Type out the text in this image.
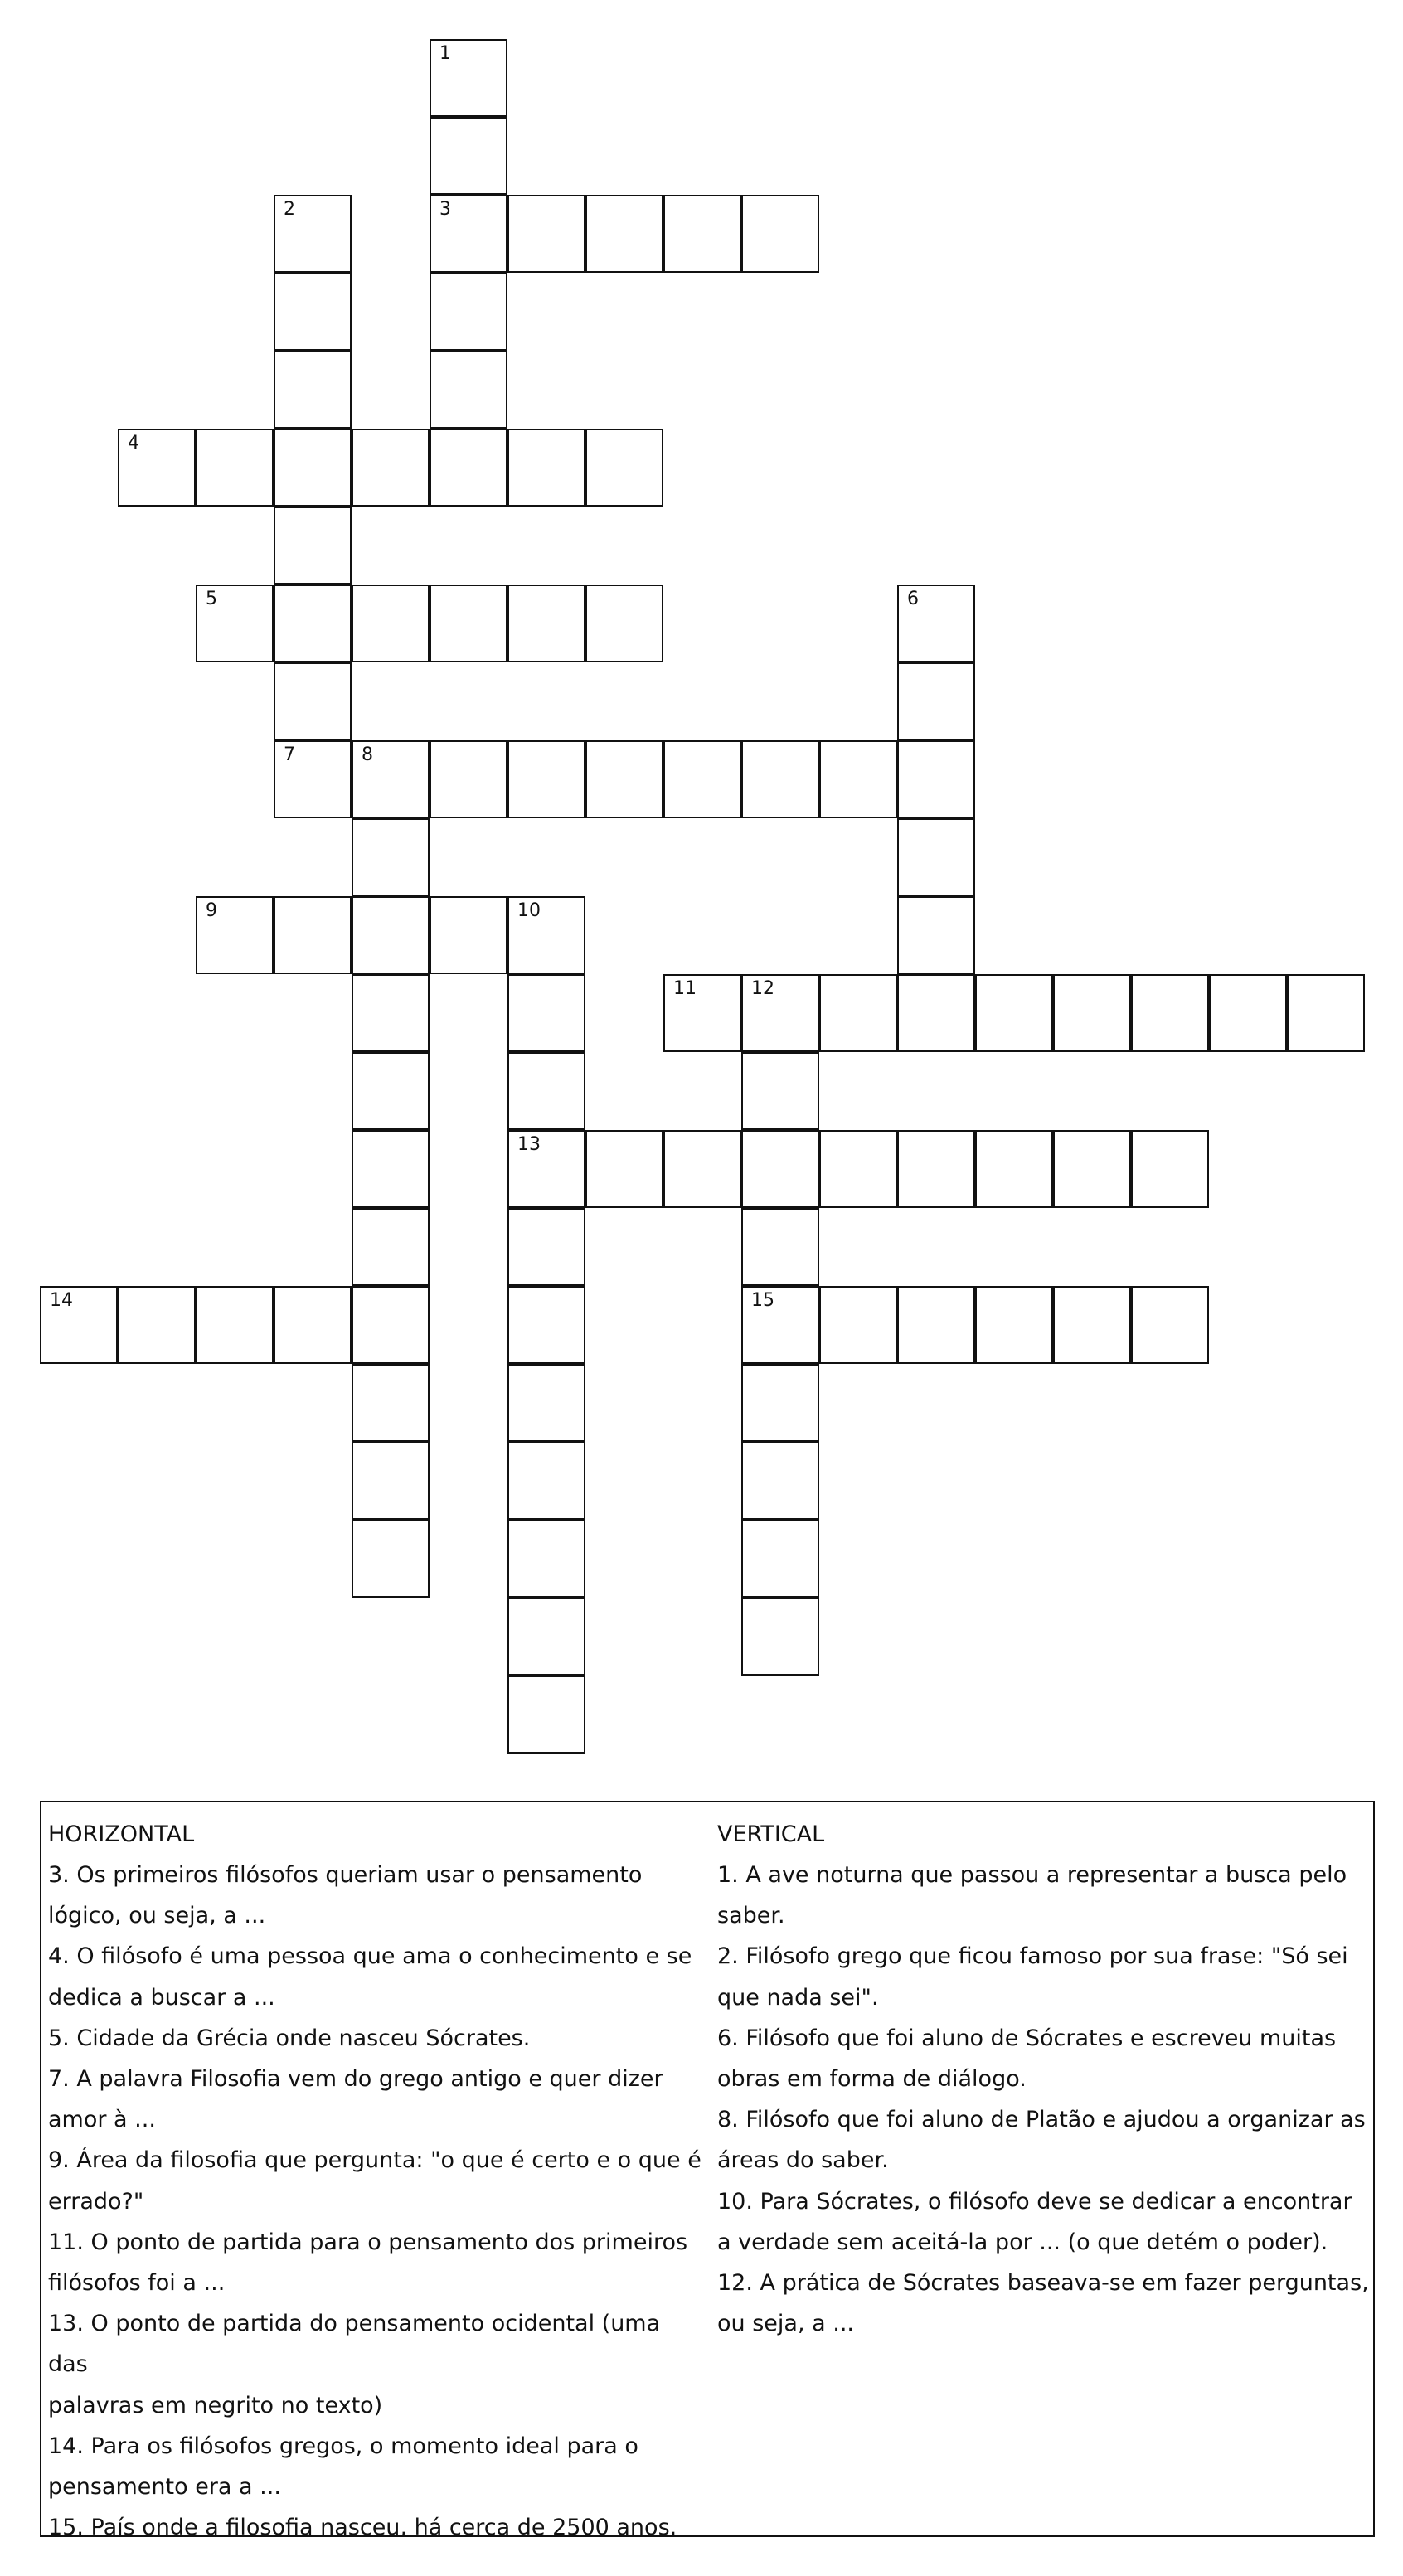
1
3
2
4
5	6
7	8
9	10
13
11	12
15
14
HORIZONTAL
3. Os primeiros filósofos queriam usar o pensamento
lógico, ou seja, a ...
4. O filósofo é uma pessoa que ama o conhecimento e se
dedica a buscar a ...
5. Cidade da Grécia onde nasceu Sócrates.
7. A palavra Filosofia vem do grego antigo e quer dizer
amor à ...
9. Área da filosofia que pergunta: "o que é certo e o que é
errado?"
11. O ponto de partida para o pensamento dos primeiros
filósofos foi a ...
13. O ponto de partida do pensamento ocidental (uma das
palavras em negrito no texto)
14. Para os filósofos gregos, o momento ideal para o
pensamento era a ...
15. País onde a filosofia nasceu, há cerca de 2500 anos.
VERTICAL
1. A ave noturna que passou a representar a busca pelo
saber.
2. Filósofo grego que ficou famoso por sua frase: "Só sei
que nada sei".
6. Filósofo que foi aluno de Sócrates e escreveu muitas
obras em forma de diálogo.
8. Filósofo que foi aluno de Platão e ajudou a organizar as
áreas do saber.
10. Para Sócrates, o filósofo deve se dedicar a encontrar
a verdade sem aceitá-la por ... (o que detém o poder).
12. A prática de Sócrates baseava-se em fazer perguntas,
ou seja, a ...
